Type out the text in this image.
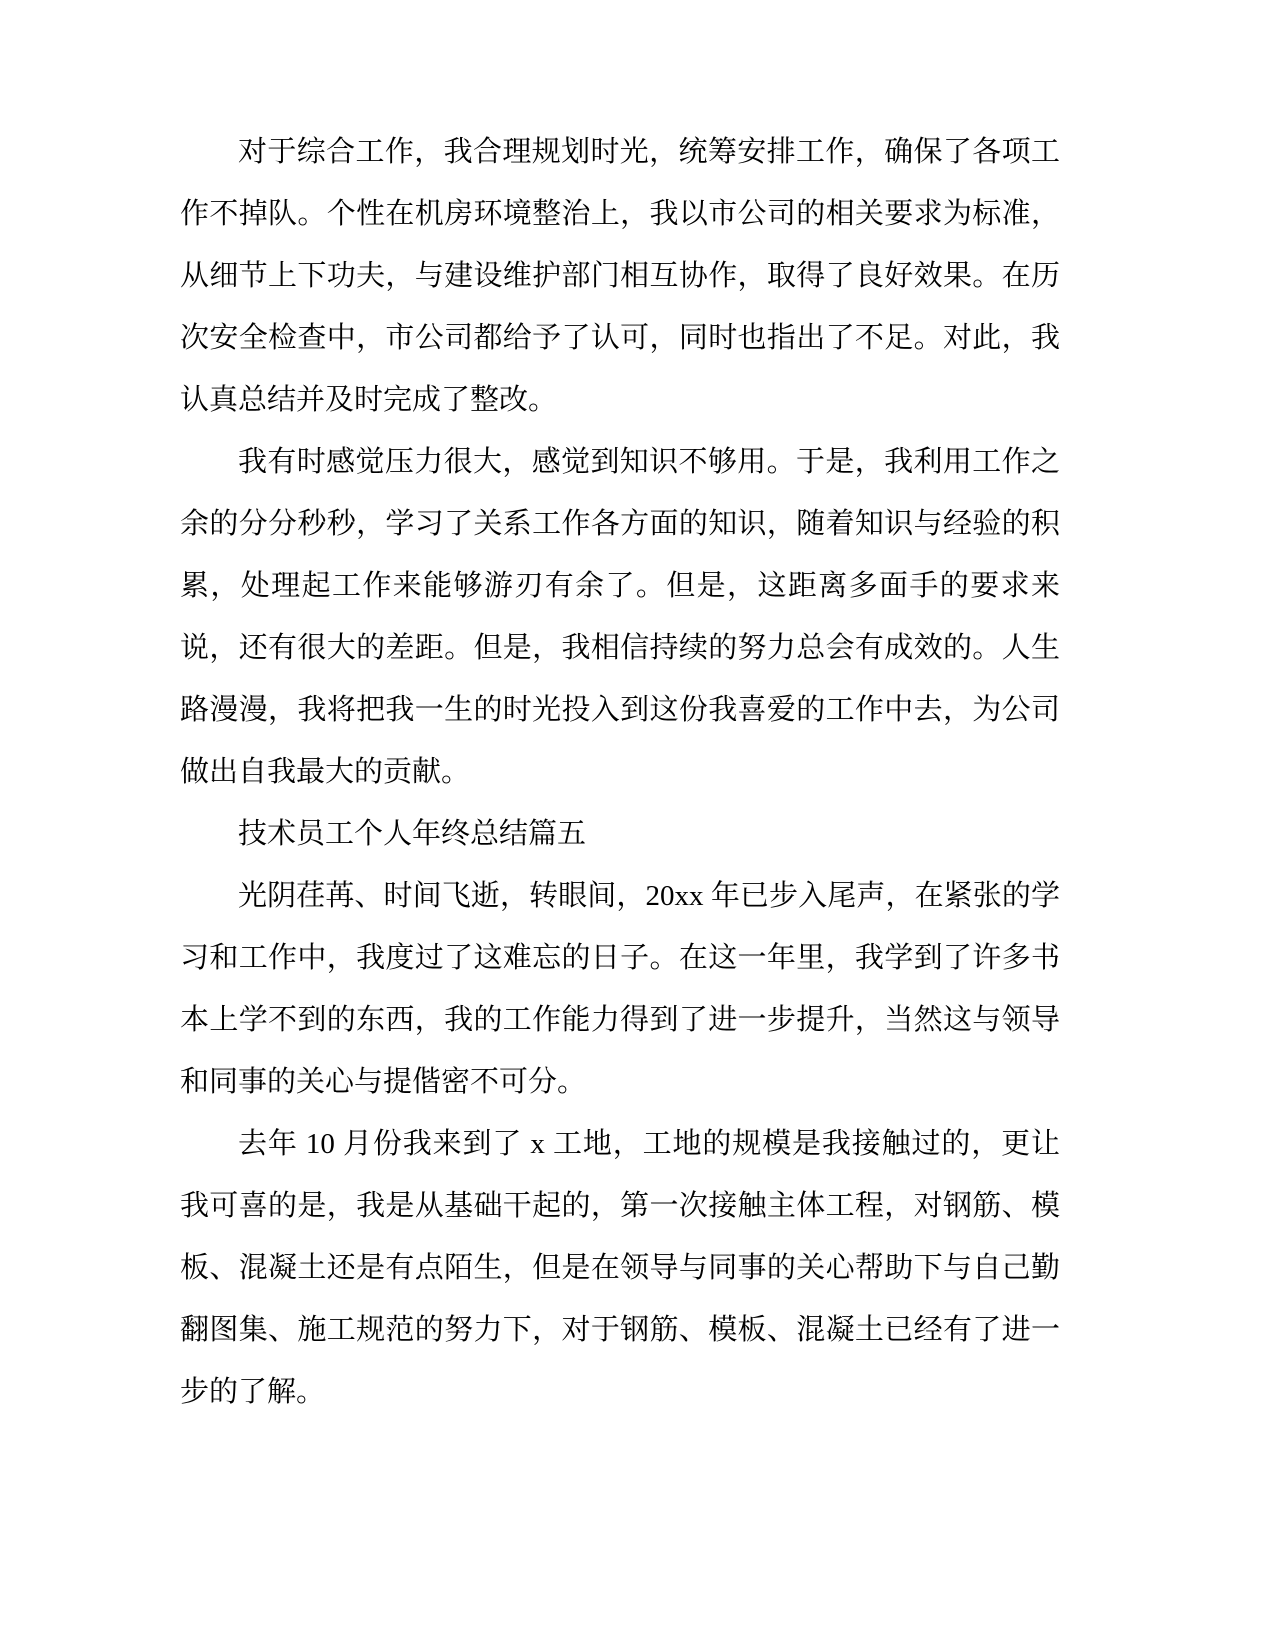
对于综合工作，我合理规划时光，统筹安排工作，确保了各项工作不掉队。个性在机房环境整治上，我以市公司的相关要求为标准，从细节上下功夫，与建设维护部门相互协作，取得了良好效果。在历次安全检查中，市公司都给予了认可，同时也指出了不足。对此，我认真总结并及时完成了整改。

我有时感觉压力很大，感觉到知识不够用。于是，我利用工作之余的分分秒秒，学习了关系工作各方面的知识，随着知识与经验的积累，处理起工作来能够游刃有余了。但是，这距离多面手的要求来说，还有很大的差距。但是，我相信持续的努力总会有成效的。人生路漫漫，我将把我一生的时光投入到这份我喜爱的工作中去，为公司做出自我最大的贡献。

技术员工个人年终总结篇五

光阴荏苒、时间飞逝，转眼间，20xx 年已步入尾声，在紧张的学习和工作中，我度过了这难忘的日子。在这一年里，我学到了许多书本上学不到的东西，我的工作能力得到了进一步提升，当然这与领导和同事的关心与提偕密不可分。

去年 10 月份我来到了 x 工地，工地的规模是我接触过的，更让我可喜的是，我是从基础干起的，第一次接触主体工程，对钢筋、模板、混凝土还是有点陌生，但是在领导与同事的关心帮助下与自己勤翻图集、施工规范的努力下，对于钢筋、模板、混凝土已经有了进一步的了解。
